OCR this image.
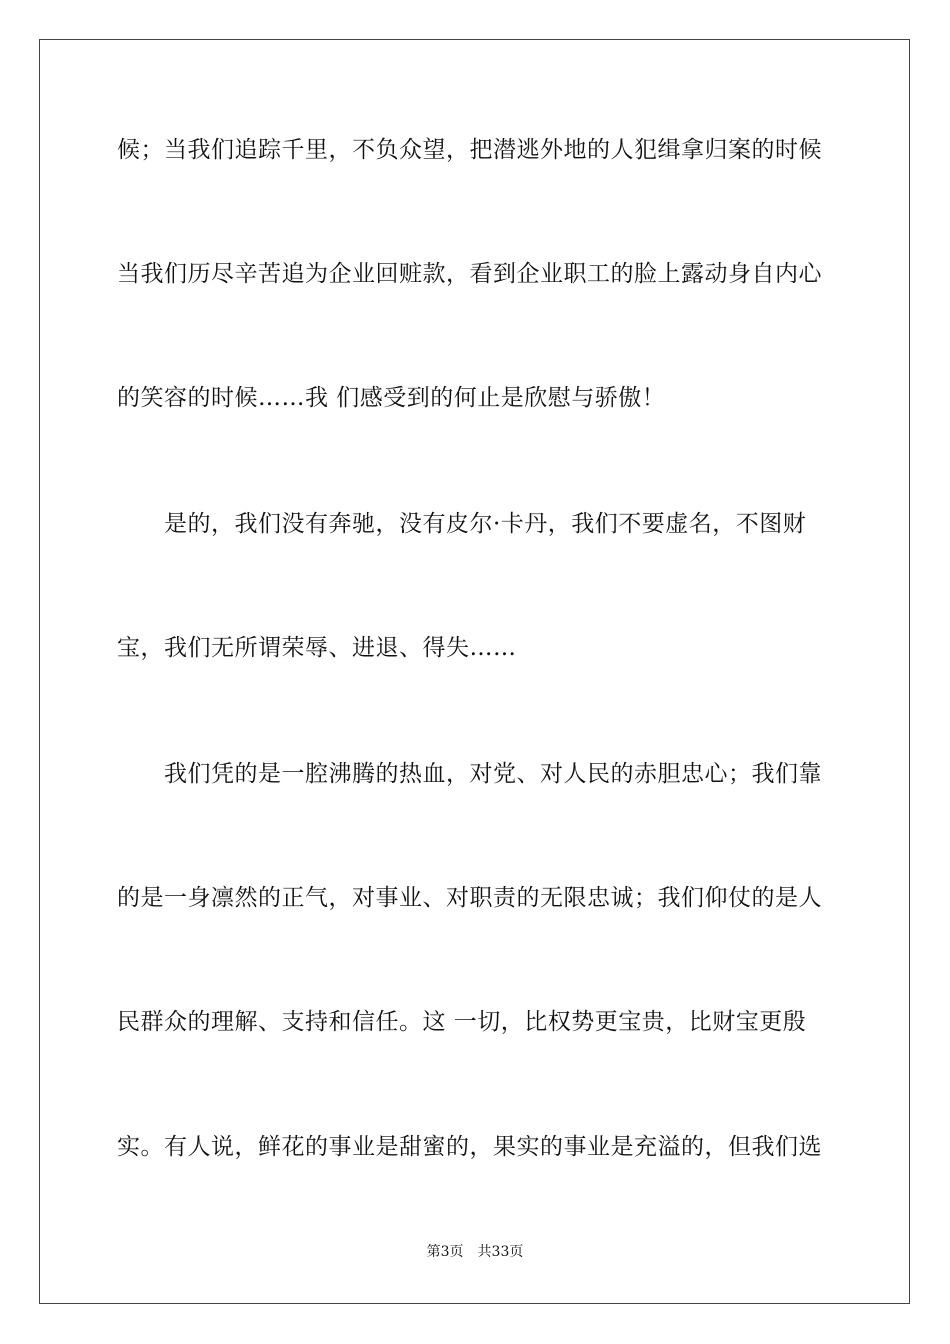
候；当我们追踪千里，不负众望，把潜逃外地的人犯缉拿归案的时候
当我们历尽辛苦追为企业回赃款，看到企业职工的脸上露动身自内心
的笑容的时候……我 们感受到的何止是欣慰与骄傲！
　　是的，我们没有奔驰，没有皮尔·卡丹，我们不要虚名，不图财
宝，我们无所谓荣辱、进退、得失……
　　我们凭的是一腔沸腾的热血，对党、对人民的赤胆忠心；我们靠
的是一身凛然的正气，对事业、对职责的无限忠诚；我们仰仗的是人
民群众的理解、支持和信任。这 一切，比权势更宝贵，比财宝更殷
实。有人说，鲜花的事业是甜蜜的，果实的事业是充溢的，但我们选
第3页 共33页
